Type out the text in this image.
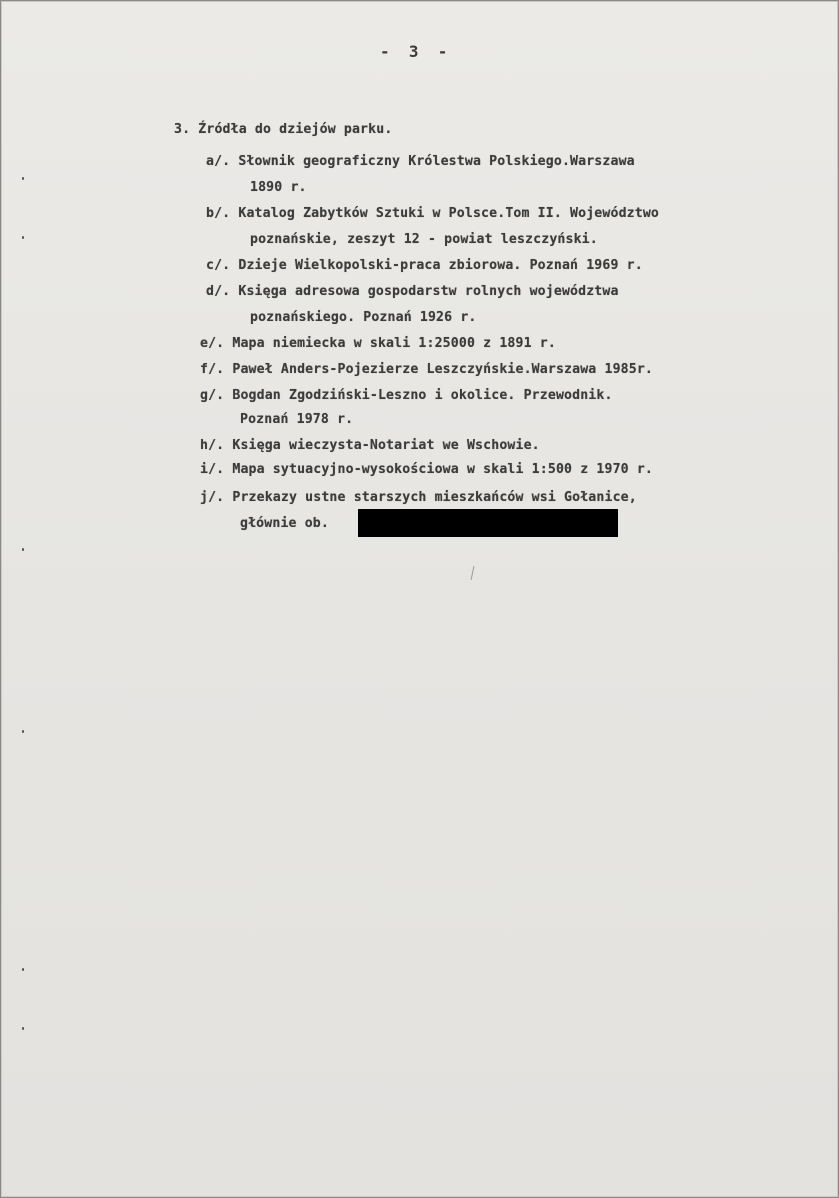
-  3  -
3. Źródła do dziejów parku.
a/. Słownik geograficzny Królestwa Polskiego.Warszawa
1890 r.
b/. Katalog Zabytków Sztuki w Polsce.Tom II. Województwo
poznańskie, zeszyt 12 - powiat leszczyński.
c/. Dzieje Wielkopolski-praca zbiorowa. Poznań 1969 r.
d/. Księga adresowa gospodarstw rolnych województwa
poznańskiego. Poznań 1926 r.
e/. Mapa niemiecka w skali 1:25000 z 1891 r.
f/. Paweł Anders-Pojezierze Leszczyńskie.Warszawa 1985r.
g/. Bogdan Zgodziński-Leszno i okolice. Przewodnik.
Poznań 1978 r.
h/. Księga wieczysta-Notariat we Wschowie.
i/. Mapa sytuacyjno-wysokościowa w skali 1:500 z 1970 r.
j/. Przekazy ustne starszych mieszkańców wsi Gołanice,
głównie ob.
